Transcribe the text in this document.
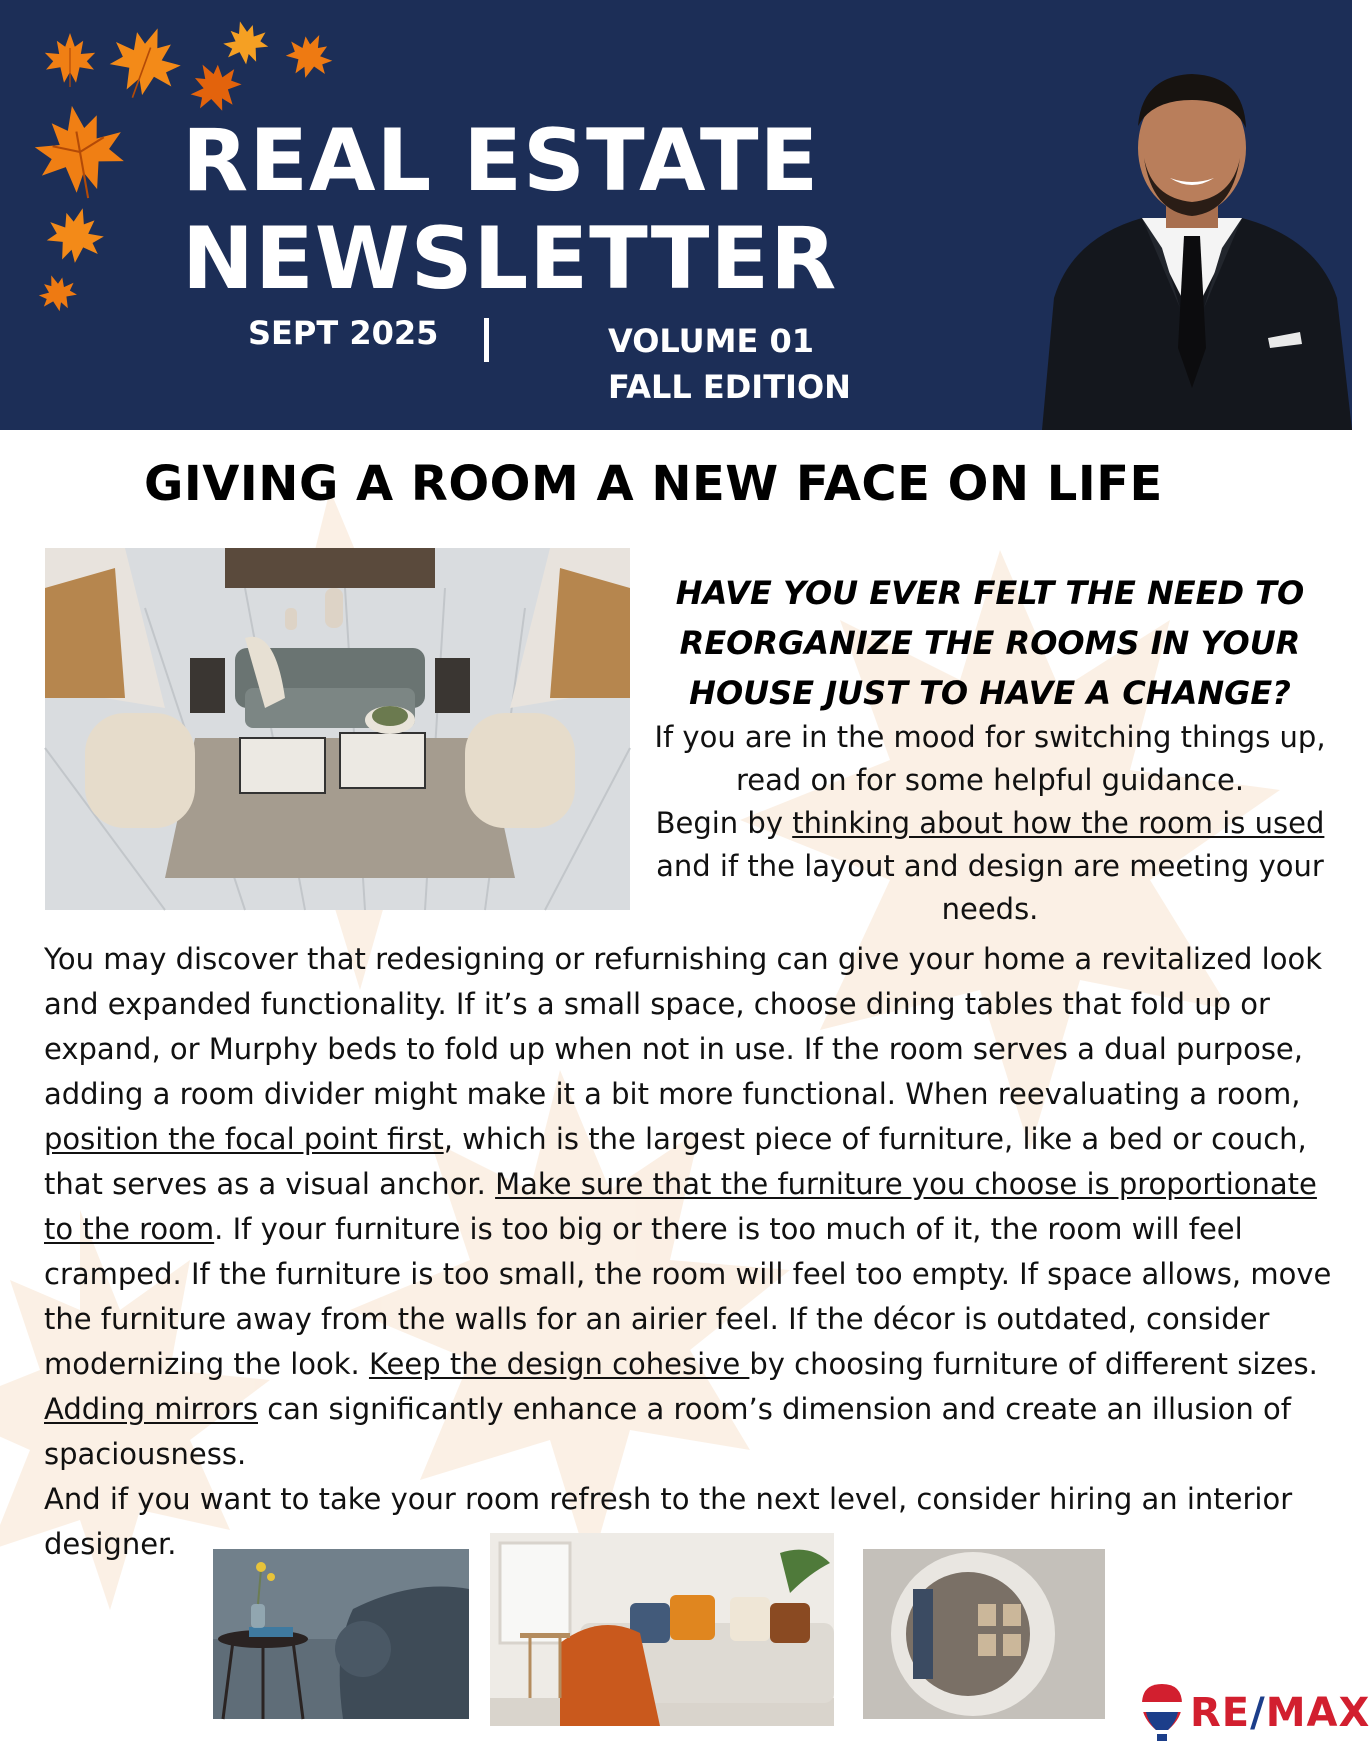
REAL ESTATE
NEWSLETTER
SEPT 2025	VOLUME 01
FALL EDITION
GIVING A ROOM A NEW FACE ON LIFE

HAVE YOU EVER FELT THE NEED TO REORGANIZE THE ROOMS IN YOUR HOUSE JUST TO HAVE A CHANGE?

If you are in the mood for switching things up, read on for some helpful guidance.
Begin by thinking about how the room is used and if the layout and design are meeting your needs.

You may discover that redesigning or refurnishing can give your home a revitalized look and expanded functionality. If it’s a small space, choose dining tables that fold up or expand, or Murphy beds to fold up when not in use. If the room serves a dual purpose, adding a room divider might make it a bit more functional. When reevaluating a room, position the focal point first, which is the largest piece of furniture, like a bed or couch, that serves as a visual anchor. Make sure that the furniture you choose is proportionate to the room. If your furniture is too big or there is too much of it, the room will feel cramped. If the furniture is too small, the room will feel too empty. If space allows, move the furniture away from the walls for an airier feel. If the décor is outdated, consider modernizing the look. Keep the design cohesive by choosing furniture of different sizes. Adding mirrors can significantly enhance a room’s dimension and create an illusion of spaciousness.
And if you want to take your room refresh to the next level, consider hiring an interior designer.

RE/MAX
